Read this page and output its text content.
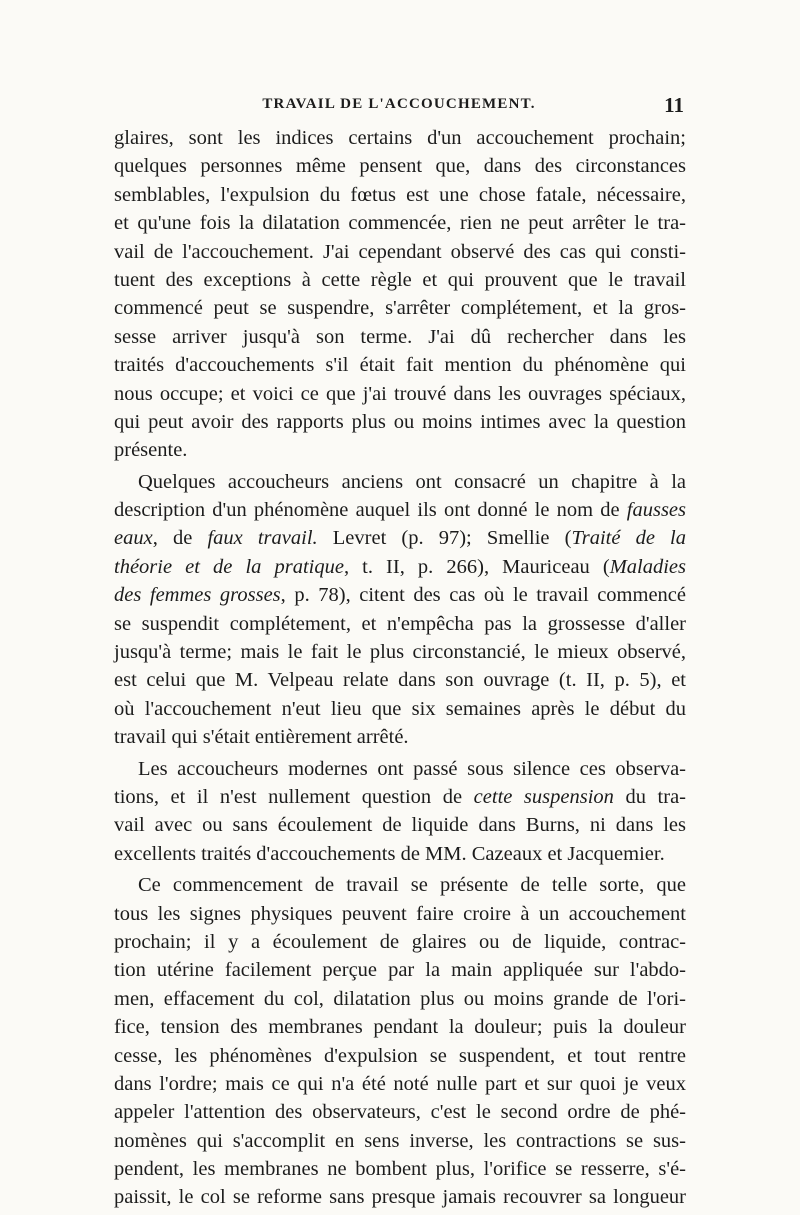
TRAVAIL DE L'ACCOUCHEMENT.	11
glaires, sont les indices certains d'un accouchement prochain;
quelques personnes même pensent que, dans des circonstances
semblables, l'expulsion du fœtus est une chose fatale, nécessaire,
et qu'une fois la dilatation commencée, rien ne peut arrêter le tra-
vail de l'accouchement. J'ai cependant observé des cas qui consti-
tuent des exceptions à cette règle et qui prouvent que le travail
commencé peut se suspendre, s'arrêter complétement, et la gros-
sesse arriver jusqu'à son terme. J'ai dû rechercher dans les
traités d'accouchements s'il était fait mention du phénomène qui
nous occupe; et voici ce que j'ai trouvé dans les ouvrages spéciaux,
qui peut avoir des rapports plus ou moins intimes avec la question
présente.
Quelques accoucheurs anciens ont consacré un chapitre à la
description d'un phénomène auquel ils ont donné le nom de fausses
eaux, de faux travail. Levret (p. 97); Smellie (Traité de la
théorie et de la pratique, t. II, p. 266), Mauriceau (Maladies
des femmes grosses, p. 78), citent des cas où le travail commencé
se suspendit complétement, et n'empêcha pas la grossesse d'aller
jusqu'à terme; mais le fait le plus circonstancié, le mieux observé,
est celui que M. Velpeau relate dans son ouvrage (t. II, p. 5), et
où l'accouchement n'eut lieu que six semaines après le début du
travail qui s'était entièrement arrêté.
Les accoucheurs modernes ont passé sous silence ces observa-
tions, et il n'est nullement question de cette suspension du tra-
vail avec ou sans écoulement de liquide dans Burns, ni dans les
excellents traités d'accouchements de MM. Cazeaux et Jacquemier.
Ce commencement de travail se présente de telle sorte, que
tous les signes physiques peuvent faire croire à un accouchement
prochain; il y a écoulement de glaires ou de liquide, contrac-
tion utérine facilement perçue par la main appliquée sur l'abdo-
men, effacement du col, dilatation plus ou moins grande de l'ori-
fice, tension des membranes pendant la douleur; puis la douleur
cesse, les phénomènes d'expulsion se suspendent, et tout rentre
dans l'ordre; mais ce qui n'a été noté nulle part et sur quoi je veux
appeler l'attention des observateurs, c'est le second ordre de phé-
nomènes qui s'accomplit en sens inverse, les contractions se sus-
pendent, les membranes ne bombent plus, l'orifice se resserre, s'é-
paissit, le col se reforme sans presque jamais recouvrer sa longueur
